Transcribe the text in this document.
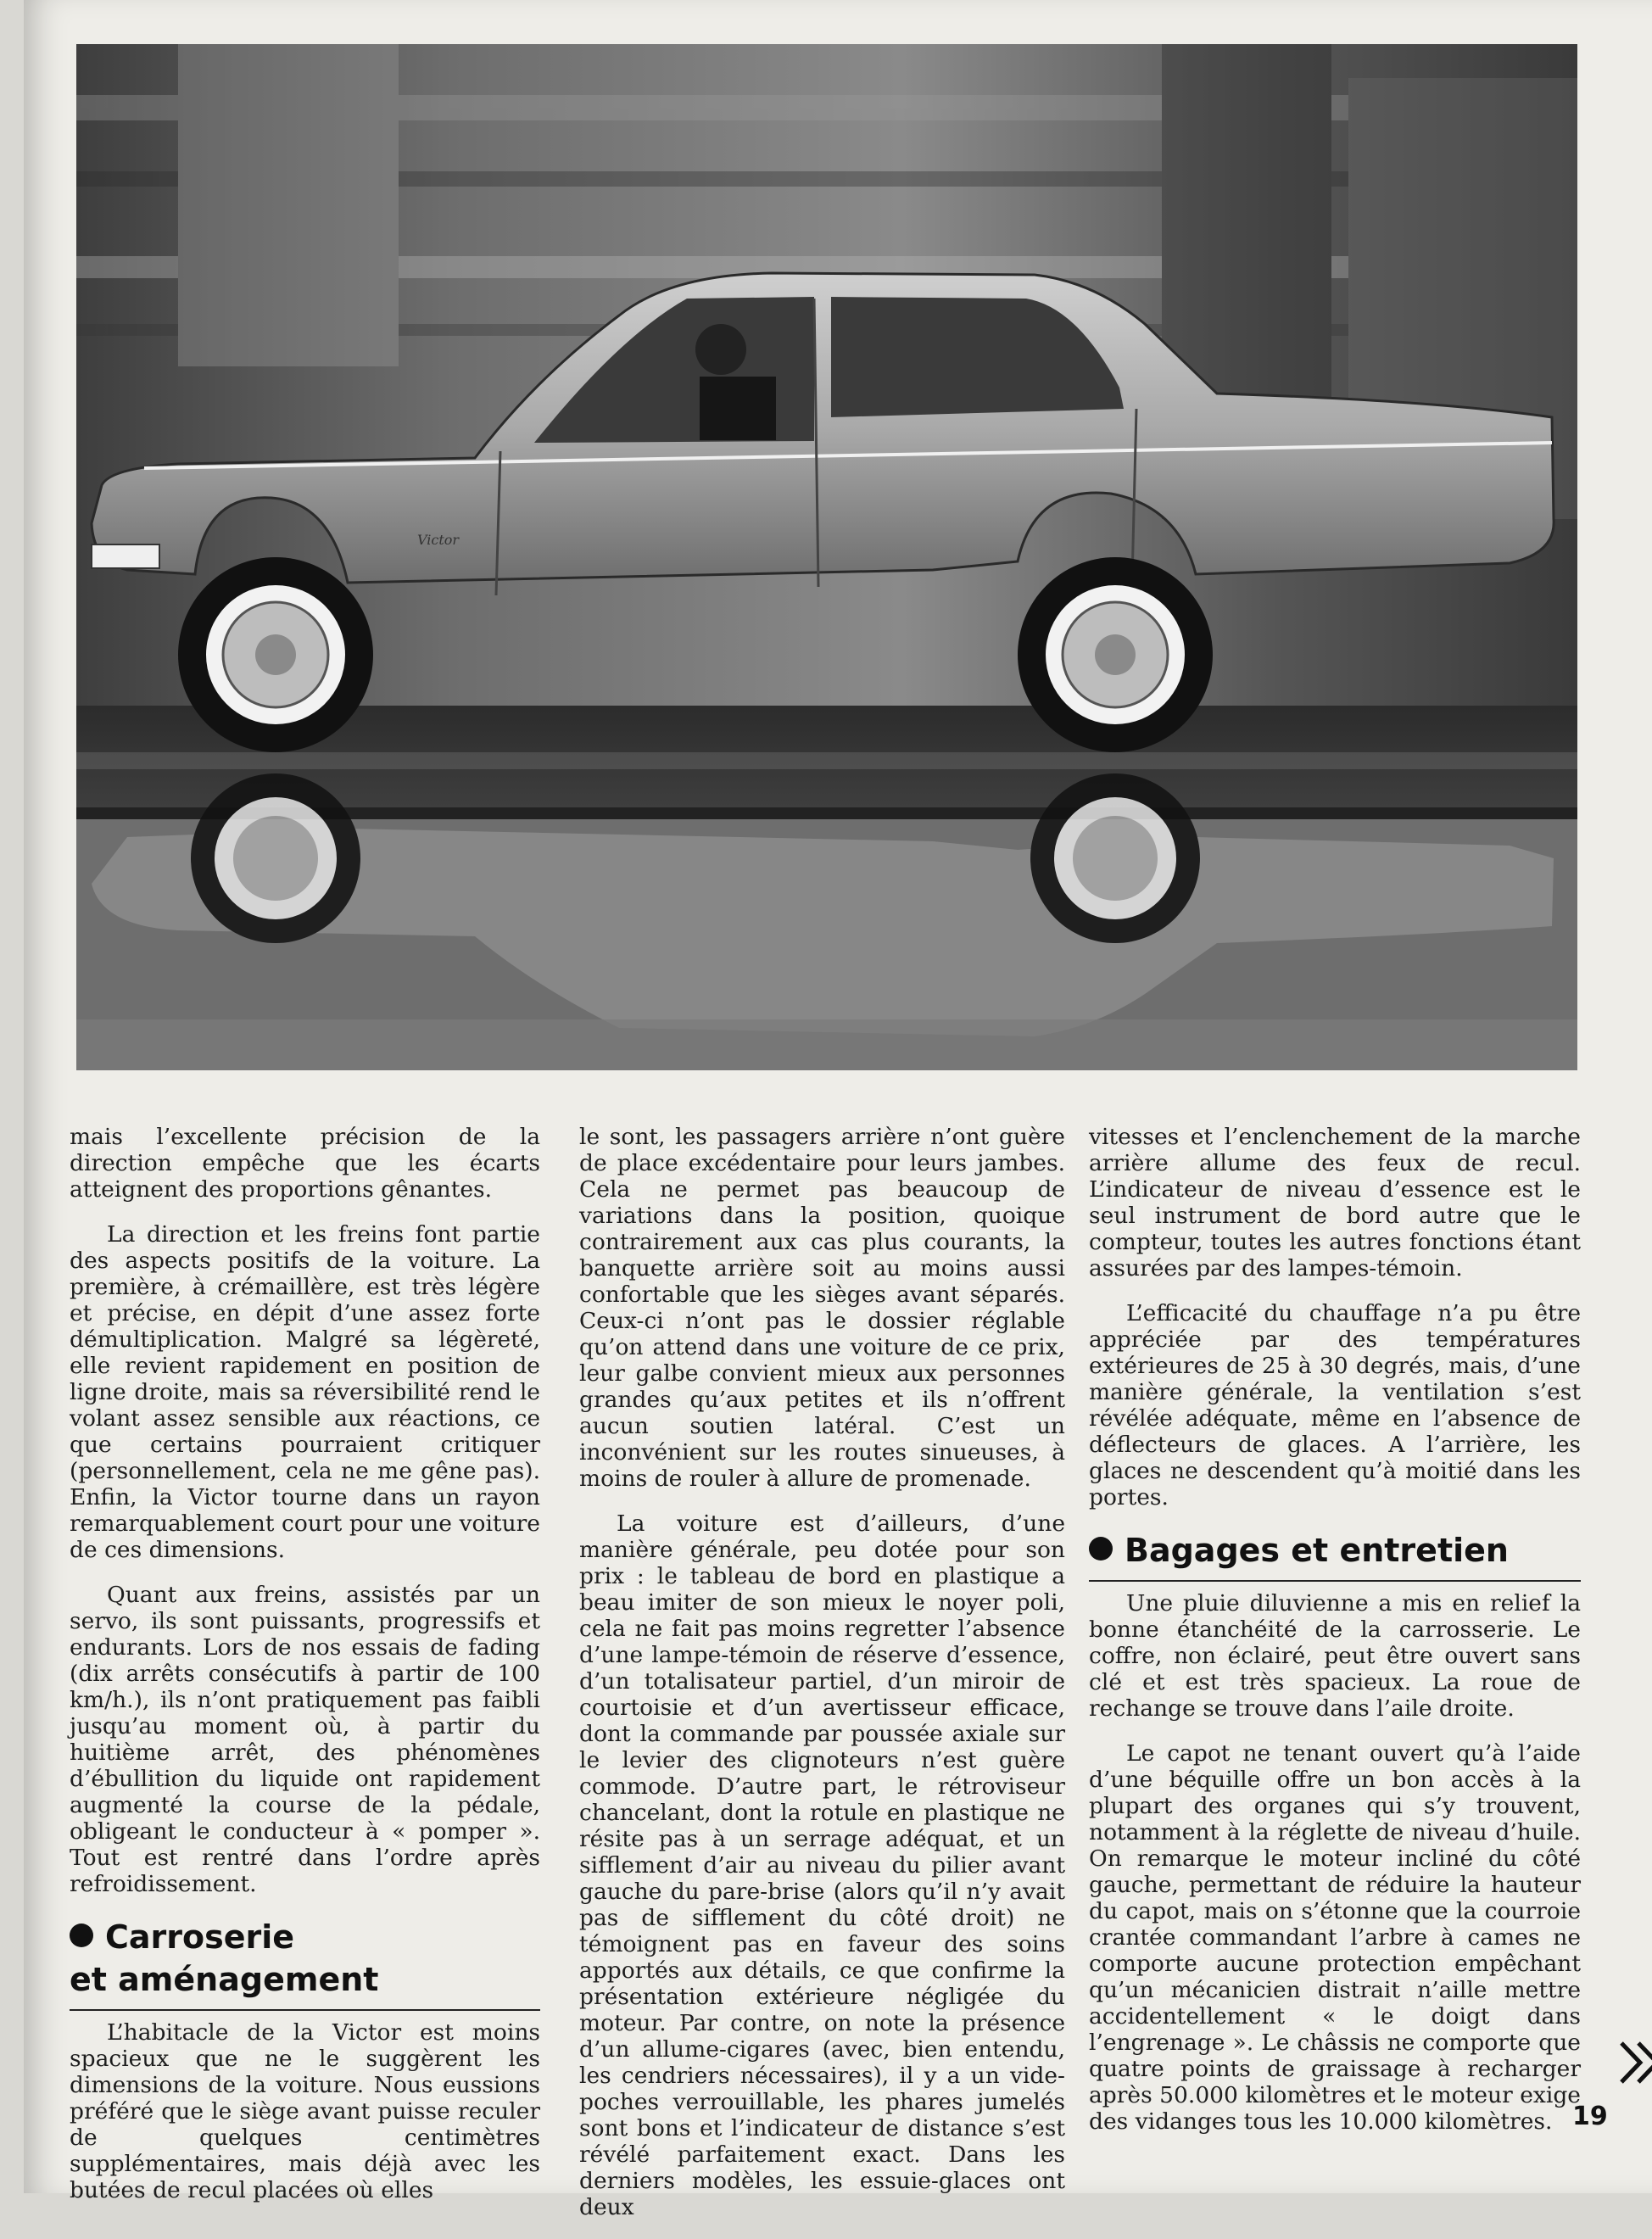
Victor

mais l’excellente précision de la direction empêche que les écarts atteignent des proportions gênantes.

La direction et les freins font partie des aspects positifs de la voiture. La première, à crémaillère, est très légère et précise, en dépit d’une assez forte démultiplication. Malgré sa légèreté, elle revient rapidement en position de ligne droite, mais sa réversibilité rend le volant assez sensible aux réactions, ce que certains pourraient critiquer (personnellement, cela ne me gêne pas). Enfin, la Victor tourne dans un rayon remarquablement court pour une voiture de ces dimensions.

Quant aux freins, assistés par un servo, ils sont puissants, progressifs et endurants. Lors de nos essais de fading (dix arrêts consécutifs à partir de 100 km/h.), ils n’ont pratiquement pas faibli jusqu’au moment où, à partir du huitième arrêt, des phénomènes d’ébullition du liquide ont rapidement augmenté la course de la pédale, obligeant le conducteur à « pomper ». Tout est rentré dans l’ordre après refroidissement.

Carroserie
et aménagement

L’habitacle de la Victor est moins spacieux que ne le suggèrent les dimensions de la voiture. Nous eussions préféré que le siège avant puisse reculer de quelques centimètres supplémentaires, mais déjà avec les butées de recul placées où elles

le sont, les passagers arrière n’ont guère de place excédentaire pour leurs jambes. Cela ne permet pas beaucoup de variations dans la position, quoique contrairement aux cas plus courants, la banquette arrière soit au moins aussi confortable que les sièges avant séparés. Ceux-ci n’ont pas le dossier réglable qu’on attend dans une voiture de ce prix, leur galbe convient mieux aux personnes grandes qu’aux petites et ils n’offrent aucun soutien latéral. C’est un inconvénient sur les routes sinueuses, à moins de rouler à allure de promenade.

La voiture est d’ailleurs, d’une manière générale, peu dotée pour son prix : le tableau de bord en plastique a beau imiter de son mieux le noyer poli, cela ne fait pas moins regretter l’absence d’une lampe-témoin de réserve d’essence, d’un totalisateur partiel, d’un miroir de courtoisie et d’un avertisseur efficace, dont la commande par poussée axiale sur le levier des clignoteurs n’est guère commode. D’autre part, le rétroviseur chancelant, dont la rotule en plastique ne résite pas à un serrage adéquat, et un sifflement d’air au niveau du pilier avant gauche du pare-brise (alors qu’il n’y avait pas de sifflement du côté droit) ne témoignent pas en faveur des soins apportés aux détails, ce que confirme la présentation extérieure négligée du moteur. Par contre, on note la présence d’un allume-cigares (avec, bien entendu, les cendriers nécessaires), il y a un vide-poches verrouillable, les phares jumelés sont bons et l’indicateur de distance s’est révélé parfaitement exact. Dans les derniers modèles, les essuie-glaces ont deux

vitesses et l’enclenchement de la marche arrière allume des feux de recul. L’indicateur de niveau d’essence est le seul instrument de bord autre que le compteur, toutes les autres fonctions étant assurées par des lampes-témoin.

L’efficacité du chauffage n’a pu être appréciée par des températures extérieures de 25 à 30 degrés, mais, d’une manière générale, la ventilation s’est révélée adéquate, même en l’absence de déflecteurs de glaces. A l’arrière, les glaces ne descendent qu’à moitié dans les portes.

Bagages et entretien

Une pluie diluvienne a mis en relief la bonne étanchéité de la carrosserie. Le coffre, non éclairé, peut être ouvert sans clé et est très spacieux. La roue de rechange se trouve dans l’aile droite.

Le capot ne tenant ouvert qu’à l’aide d’une béquille offre un bon accès à la plupart des organes qui s’y trouvent, notamment à la réglette de niveau d’huile. On remarque le moteur incliné du côté gauche, permettant de réduire la hauteur du capot, mais on s’étonne que la courroie crantée commandant l’arbre à cames ne comporte aucune protection empêchant qu’un mécanicien distrait n’aille mettre accidentellement « le doigt dans l’engrenage ». Le châssis ne comporte que quatre points de graissage à recharger après 50.000 kilomètres et le moteur exige des vidanges tous les 10.000 kilomètres. 19
